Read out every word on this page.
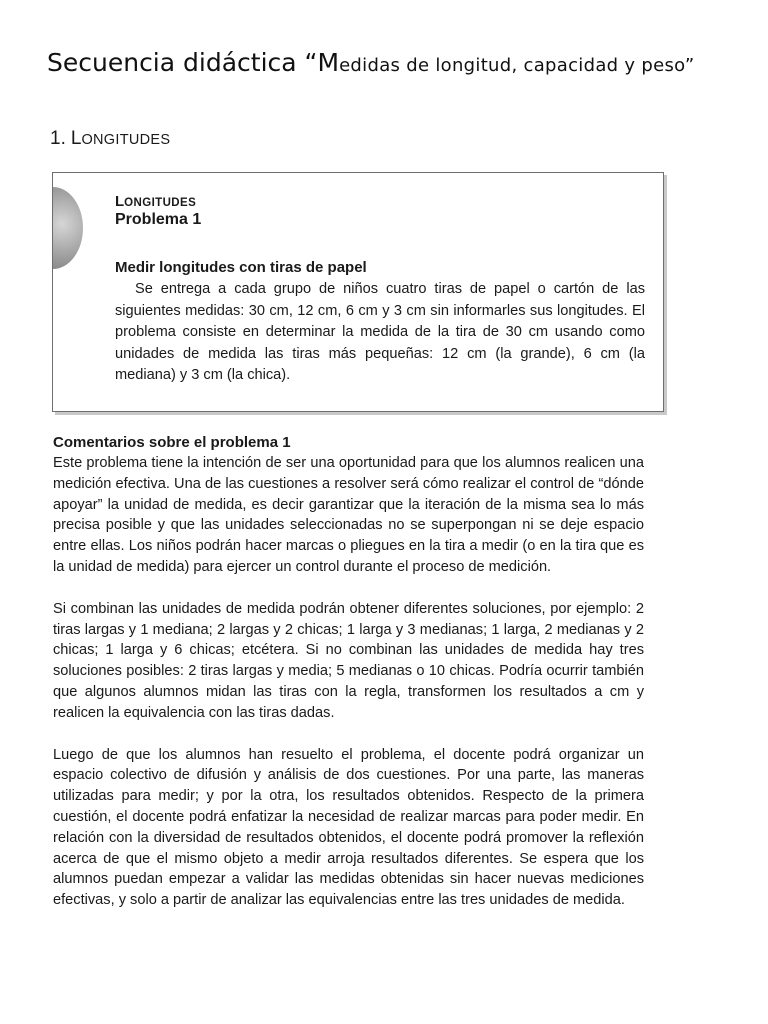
Secuencia didáctica “Medidas de longitud, capacidad y peso”
1. LONGITUDES
LONGITUDES
Problema 1
Medir longitudes con tiras de papel

Se entrega a cada grupo de niños cuatro tiras de papel o cartón de las siguientes medidas: 30 cm, 12 cm, 6 cm y 3 cm sin informarles sus longitudes. El problema consiste en determinar la medida de la tira de 30 cm usando como unidades de medida las tiras más pequeñas: 12 cm (la grande), 6 cm (la mediana) y 3 cm (la chica).

Comentarios sobre el problema 1

Este problema tiene la intención de ser una oportunidad para que los alumnos realicen una medición efectiva. Una de las cuestiones a resolver será cómo realizar el control de “dónde apoyar” la unidad de medida, es decir garantizar que la iteración de la misma sea lo más precisa posible y que las unidades seleccionadas no se superpongan ni se deje espacio entre ellas. Los niños podrán hacer marcas o pliegues en la tira a medir (o en la tira que es la unidad de medida) para ejercer un control durante el proceso de medición.

Si combinan las unidades de medida podrán obtener diferentes soluciones, por ejemplo: 2 tiras largas y 1 mediana; 2 largas y 2 chicas; 1 larga y 3 medianas; 1 larga, 2 medianas y 2 chicas; 1 larga y 6 chicas; etcétera. Si no combinan las unidades de medida hay tres soluciones posibles: 2 tiras largas y media; 5 medianas o 10 chicas. Podría ocurrir también que algunos alumnos midan las tiras con la regla, transformen los resultados a cm y realicen la equivalencia con las tiras dadas.

Luego de que los alumnos han resuelto el problema, el docente podrá organizar un espacio colectivo de difusión y análisis de dos cuestiones. Por una parte, las maneras utilizadas para medir; y por la otra, los resultados obtenidos. Respecto de la primera cuestión, el docente podrá enfatizar la necesidad de realizar marcas para poder medir. En relación con la diversidad de resultados obtenidos, el docente podrá promover la reflexión acerca de que el mismo objeto a medir arroja resultados diferentes. Se espera que los alumnos puedan empezar a validar las medidas obtenidas sin hacer nuevas mediciones efectivas, y solo a partir de analizar las equivalencias entre las tres unidades de medida.
